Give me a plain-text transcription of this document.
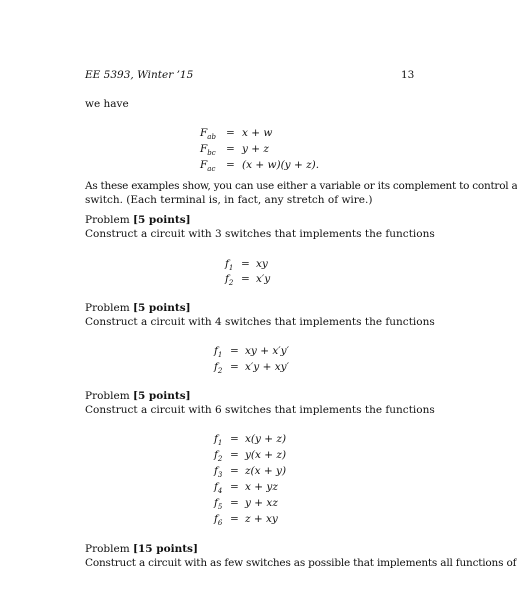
EE 5393, Winter ’15	13
we have
$F_{ab} = x + w$
$F_{bc} = y + z$
$F_{ac} = (x + w)(y + z)$.
As these examples show, you can use either a variable or its complement to control a
switch. (Each terminal is, in fact, any stretch of wire.)
Problem [5 points]
Construct a circuit with 3 switches that implements the functions
$f_1$ = xy
$f_2 = x'y$
Problem [5 points]
Construct a circuit with 4 switches that implements the functions
$f_1$ = xy + x′y′
$f_2 = x'y + xy'$
Problem [5 points]
Construct a circuit with 6 switches that implements the functions
$f_1 = x(y + z)$
$f_2 = y(x + z)$
$f_3 = z(x + y)$
$f_4 = x$ + yz
$f_5 = y$ + xz
$f_6 = z$ + xy
Problem [15 points]
Construct a circuit with as few switches as possible that implements all functions of
